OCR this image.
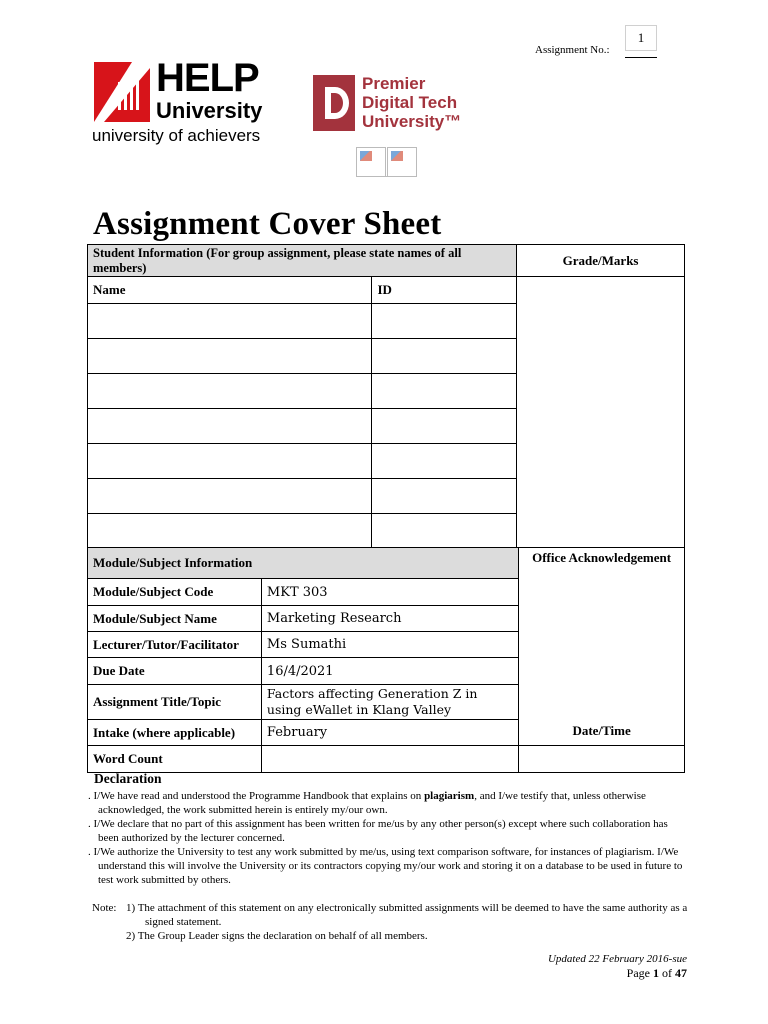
1
Assignment No.:
HELP
University
university of achievers
Premier
Digital Tech
University™
Assignment Cover Sheet
Student Information (For group assignment, please state names of all members)		Grade/Marks
Name	ID	

Module/Subject Information		Office Acknowledgement
Date/Time

Module/Subject Code	MKT 303	
Module/Subject Name	Marketing Research	
Lecturer/Tutor/Facilitator	Ms Sumathi	
Due Date	16/4/2021	
Assignment Title/Topic	Factors affecting Generation Z in using eWallet in Klang Valley	
Intake (where applicable)	February	
Word Count		
Declaration

. I/We have read and understood the Programme Handbook that explains on plagiarism, and I/we testify that, unless otherwise acknowledged, the work submitted herein is entirely my/our own.

. I/We declare that no part of this assignment has been written for me/us by any other person(s) except where such collaboration has been authorized by the lecturer concerned.

. I/We authorize the University to test any work submitted by me/us, using text comparison software, for instances of plagiarism. I/We understand this will involve the University or its contractors copying my/our work and storing it on a database to be used in future to test work submitted by others.

Note: 1) The attachment of this statement on any electronically submitted assignments will be deemed to have the same authority as a signed statement.
2) The Group Leader signs the declaration on behalf of all members.
Updated 22 February 2016-sue
Page 1 of 47
